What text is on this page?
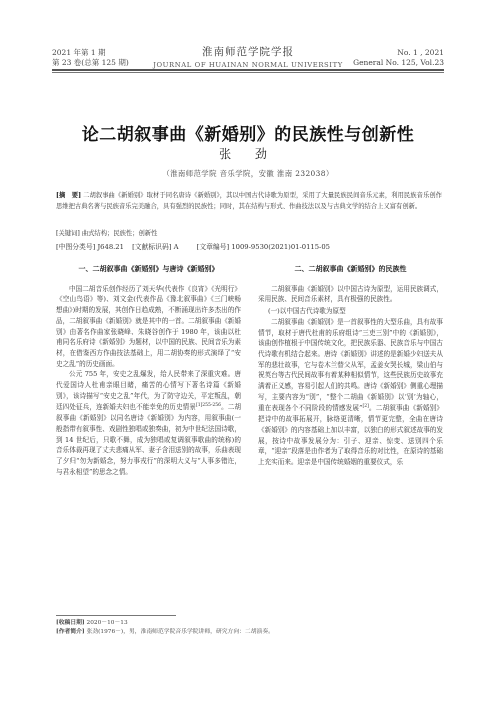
2021 年第 1 期
第 23 卷(总第 125 期)
淮南师范学院学报
JOURNAL OF HUAINAN NORMAL UNIVERSITY
No. 1 , 2021
General No. 125, Vol.23
论二胡叙事曲《新婚别》的民族性与创新性
张 劲
（淮南师范学院 音乐学院，安徽 淮南 232038）
[摘　要] 二胡叙事曲《新婚别》取材于同名唐诗《新婚别》，其以中国古代诗歌为原型，采用了大量民族民间音乐元素，利用民族音乐创作思维把古典名著与民族音乐完美融合，具有强烈的民族性；同时，其在结构与形式、作曲技法以及与古典文学的结合上又富有创新。
[关键词] 曲式结构；民族性；创新性
[中图分类号] J648.21 [文献标识码] A	[文章编号] 1009-9530(2021)01-0115-05
一、二胡叙事曲《新婚别》与唐诗《新婚别》

中国二胡音乐创作经历了刘天华(代表作《良宵》《光明行》《空山鸟语》等)、刘文金(代表作品《豫北叙事曲》《三门峡畅想曲》)时期的发展，其创作日趋成熟，不断涌现出许多杰出的作品，二胡叙事曲《新婚别》就是其中的一首。二胡叙事曲《新婚别》由著名作曲家张晓峰、朱晓谷创作于 1980 年，该曲以杜甫同名乐府诗《新婚别》为题材，以中国的民族、民间音乐为素材，在借鉴西方作曲技法基础上，用二胡协奏的形式演绎了“安史之乱”的历史画面。

公元 755 年，安史之乱爆发，给人民带来了深重灾难。唐代爱国诗人杜甫亲眼目睹，痛苦的心情写下著名诗篇《新婚别》，该诗描写“安史之乱”年代，为了防守边关，平定叛乱，朝廷四处征兵，连新婚夫妇也不能幸免的历史情景$^{[1]255-256}$。二胡叙事曲《新婚别》以同名唐诗《新婚别》为内容，用叙事曲(一般指带有叙事性、戏剧性独唱或独奏曲，初为中世纪法国诗歌，到 14 世纪后，只歌不舞，成为独唱或复调叙事歌曲的统称)的音乐体裁再现了丈夫悲痛从军、妻子含泪送别的故事，乐曲表现了夕归“勿为新婚念，努力事戎行”的深明大义与“人事多错迕，与君永相望”的思念之情。

二、二胡叙事曲《新婚别》的民族性

二胡叙事曲《新婚别》以中国古诗为原型，运用民族调式，采用民族、民间音乐素材，具有极强的民族性。

(一)以中国古代诗歌为原型

二胡叙事曲《新婚别》是一首叙事性的大型乐曲，具有故事情节，取材于唐代杜甫的乐府组诗“三吏三别”中的《新婚别》，该曲创作植根于中国传统文化，把民族乐器、民族音乐与中国古代诗歌有机结合起来。唐诗《新婚别》讲述的是新婚少妇送夫从军的悲壮故事，它与卷木兰替父从军，孟姜女哭长城，梁山伯与祝英台等古代民间故事有着某种相似情节，这些民族历史故事充满着正义感，容易引起人们的共鸣。唐诗《新婚别》侧重心理描写，主要内容为“别”，“整个二胡曲《新婚别》以‘别’为轴心，重在表现各个不同阶段的情感发展”[2]。二胡叙事曲《新婚别》把诗中的故事拓展开，脉络更清晰，情节更完整，全曲在唐诗《新婚别》的内容基础上加以丰富，以独白的形式叙述故事的发展，按诗中故事发展分为：引子、迎亲、惊变、送别四个乐章，“迎亲”段落是由作者为了取得音乐的对比性，在原诗的基础上充实而来。迎亲是中国传统婚姻的重要仪式，乐

[收稿日期] 2020－10－13
[作者简介] 张劲(1976－)，男，淮南师范学院音乐学院讲师，研究方向：二胡演奏。
